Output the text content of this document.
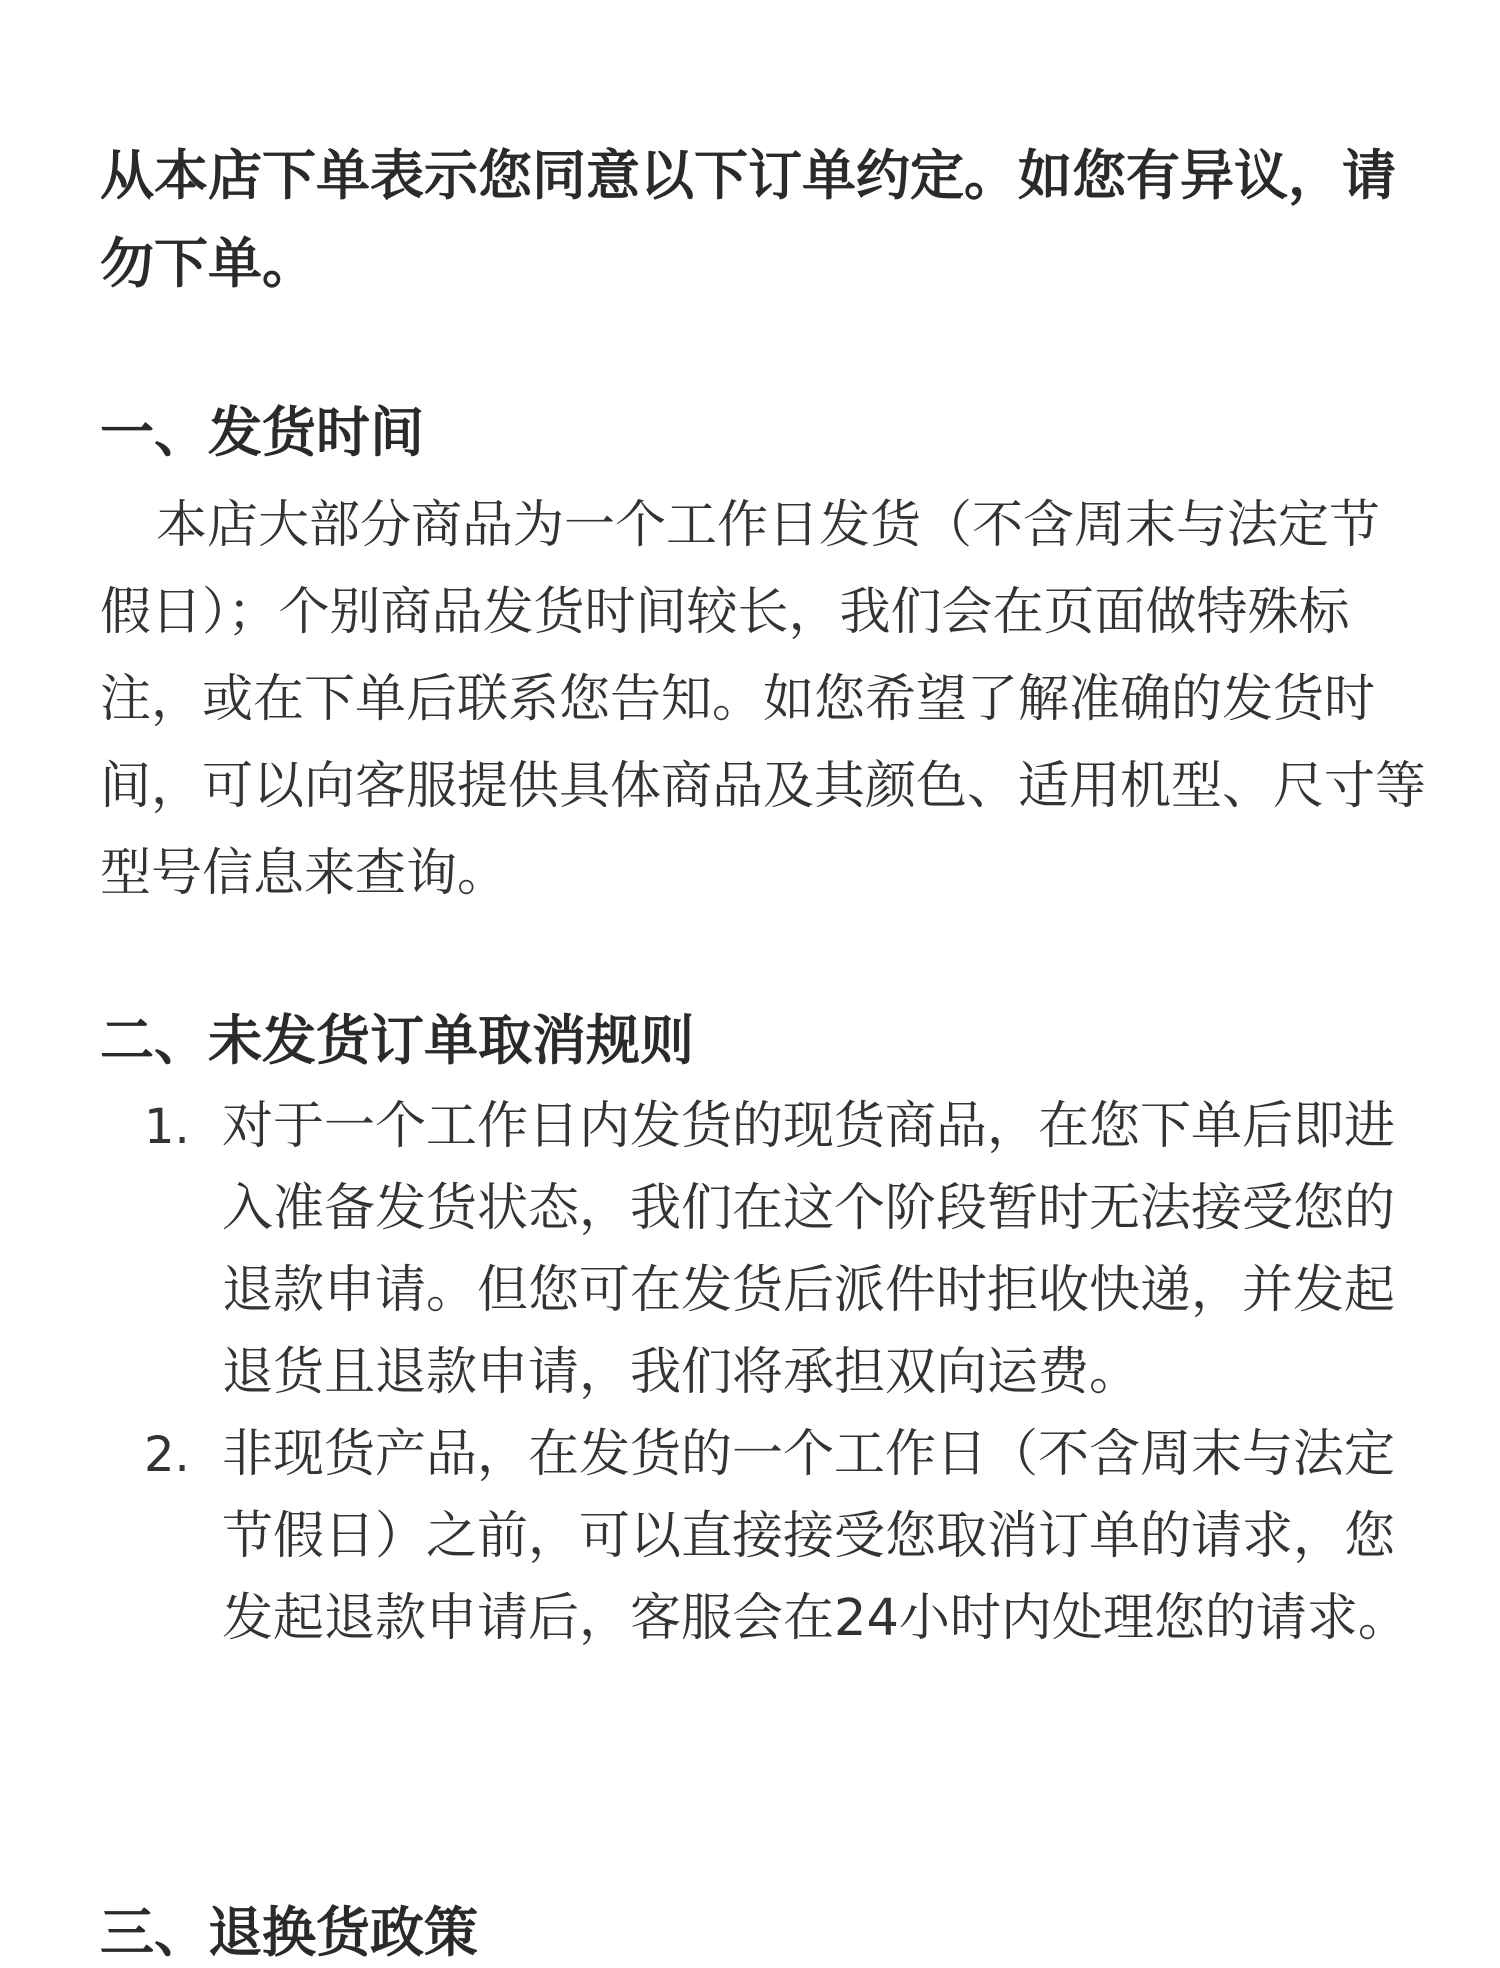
从本店下单表示您同意以下订单约定。如您有异议，请勿下单。
一、发货时间
本店大部分商品为一个工作日发货（不含周末与法定节假日）；个别商品发货时间较长，我们会在页面做特殊标注，或在下单后联系您告知。如您希望了解准确的发货时间，可以向客服提供具体商品及其颜色、适用机型、尺寸等型号信息来查询。
二、未发货订单取消规则
1. 对于一个工作日内发货的现货商品，在您下单后即进入准备发货状态，我们在这个阶段暂时无法接受您的退款申请。但您可在发货后派件时拒收快递，并发起退货且退款申请，我们将承担双向运费。
2. 非现货产品，在发货的一个工作日（不含周末与法定节假日）之前，可以直接接受您取消订单的请求，您发起退款申请后，客服会在24小时内处理您的请求。
三、退换货政策
